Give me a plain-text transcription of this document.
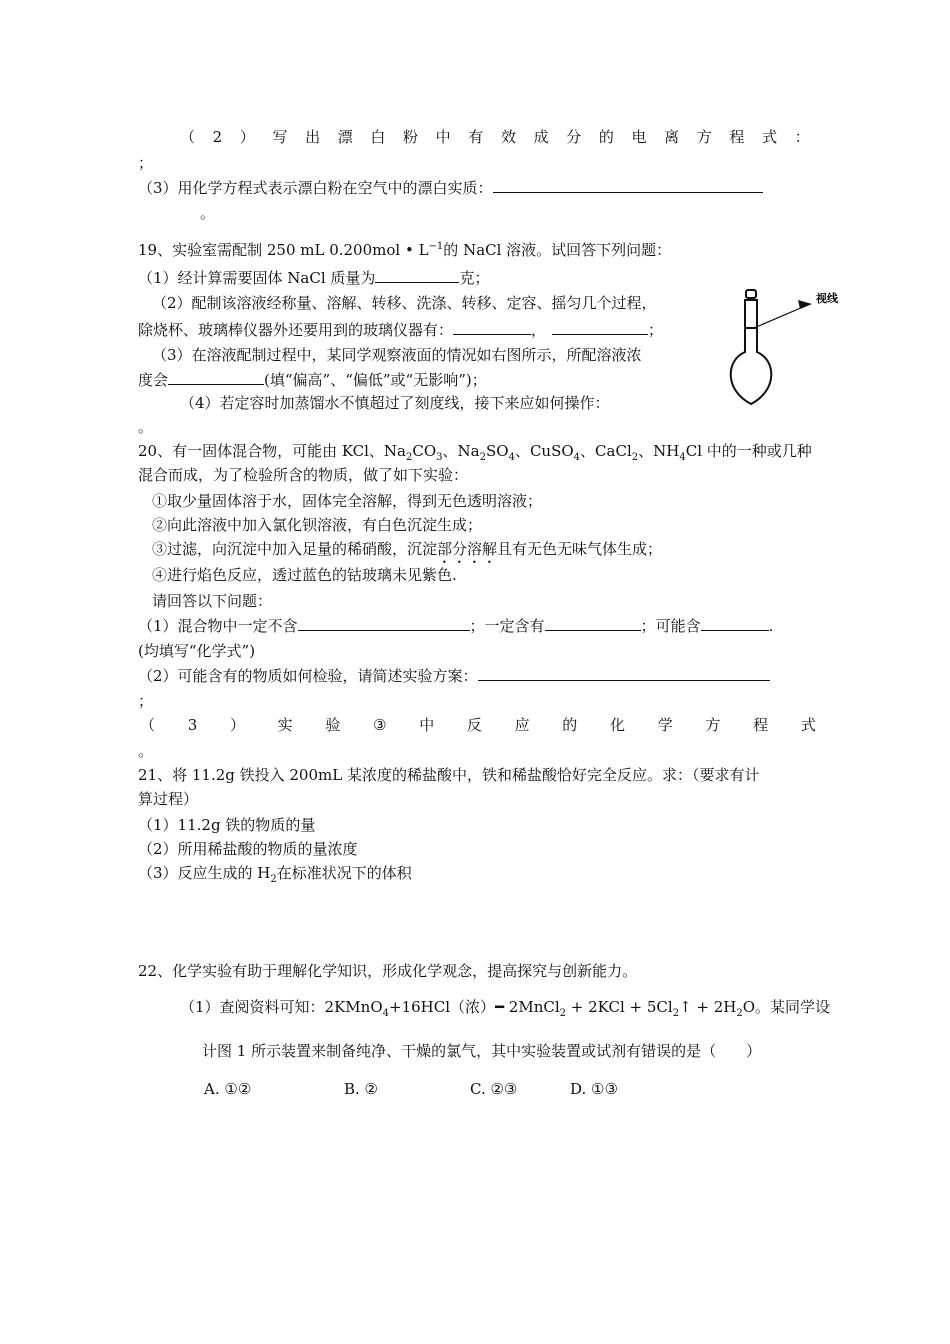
（ 2 ） 写 出 漂 白 粉 中 有 效 成 分 的 电 离 方 程 式 ：
；
（3）用化学方程式表示漂白粉在空气中的漂白实质：
。
19、实验室需配制 250 mL 0.200mol • $L^{-1}$的 NaCl 溶液。试回答下列问题：
（1）经计算需要固体 NaCl 质量为	克；
（2）配制该溶液经称量、溶解、转移、洗涤、转移、定容、摇匀几个过程，
除烧杯、玻璃棒仪器外还要用到的玻璃仪器有：	，	；
（3）在溶液配制过程中，某同学观察液面的情况如右图所示，所配溶液浓
度会	(填“偏高”、“偏低”或“无影响”)；
（4）若定容时加蒸馏水不慎超过了刻度线，接下来应如何操作：
。
视线
20、有一固体混合物，可能由 KCl、$Na_2CO_3$、$Na_2SO_4$、CuSO$_4$、CaCl$_2$、$NH_4Cl$ 中的一种或几种
混合而成，为了检验所含的物质，做了如下实验：
①取少量固体溶于水，固体完全溶解，得到无色透明溶液；
②向此溶液中加入氯化钡溶液，有白色沉淀生成；
③过滤，向沉淀中加入足量的稀硝酸，沉淀部分溶解且有无色无味气体生成；
④进行焰色反应，透过蓝色的钴玻璃未见紫色.
请回答以下问题：
（1）混合物中一定不含	；一定含有	；可能含	.
(均填写“化学式”)
（2）可能含有的物质如何检验，请简述实验方案：
；
（ 3 ） 实 验 ③ 中 反 应 的 化 学 方 程 式
。
21、将 11.2g 铁投入 200mL 某浓度的稀盐酸中，铁和稀盐酸恰好完全反应。求：（要求有计
算过程）
（1）11.2g 铁的物质的量
（2）所用稀盐酸的物质的量浓度
（3）反应生成的 $H_2$在标准状况下的体积
22、化学实验有助于理解化学知识，形成化学观念，提高探究与创新能力。
（1）查阅资料可知：2KMnO$_4$+16HCl（浓）━ 2MnCl$_2$ + $2KCl + 5Cl_2↑ + 2H_2O$。某同学设
计图 1 所示装置来制备纯净、干燥的氯气，其中实验装置或试剂有错误的是（　　）
A. ①②	B. ②	C. ②③	D. ①③
